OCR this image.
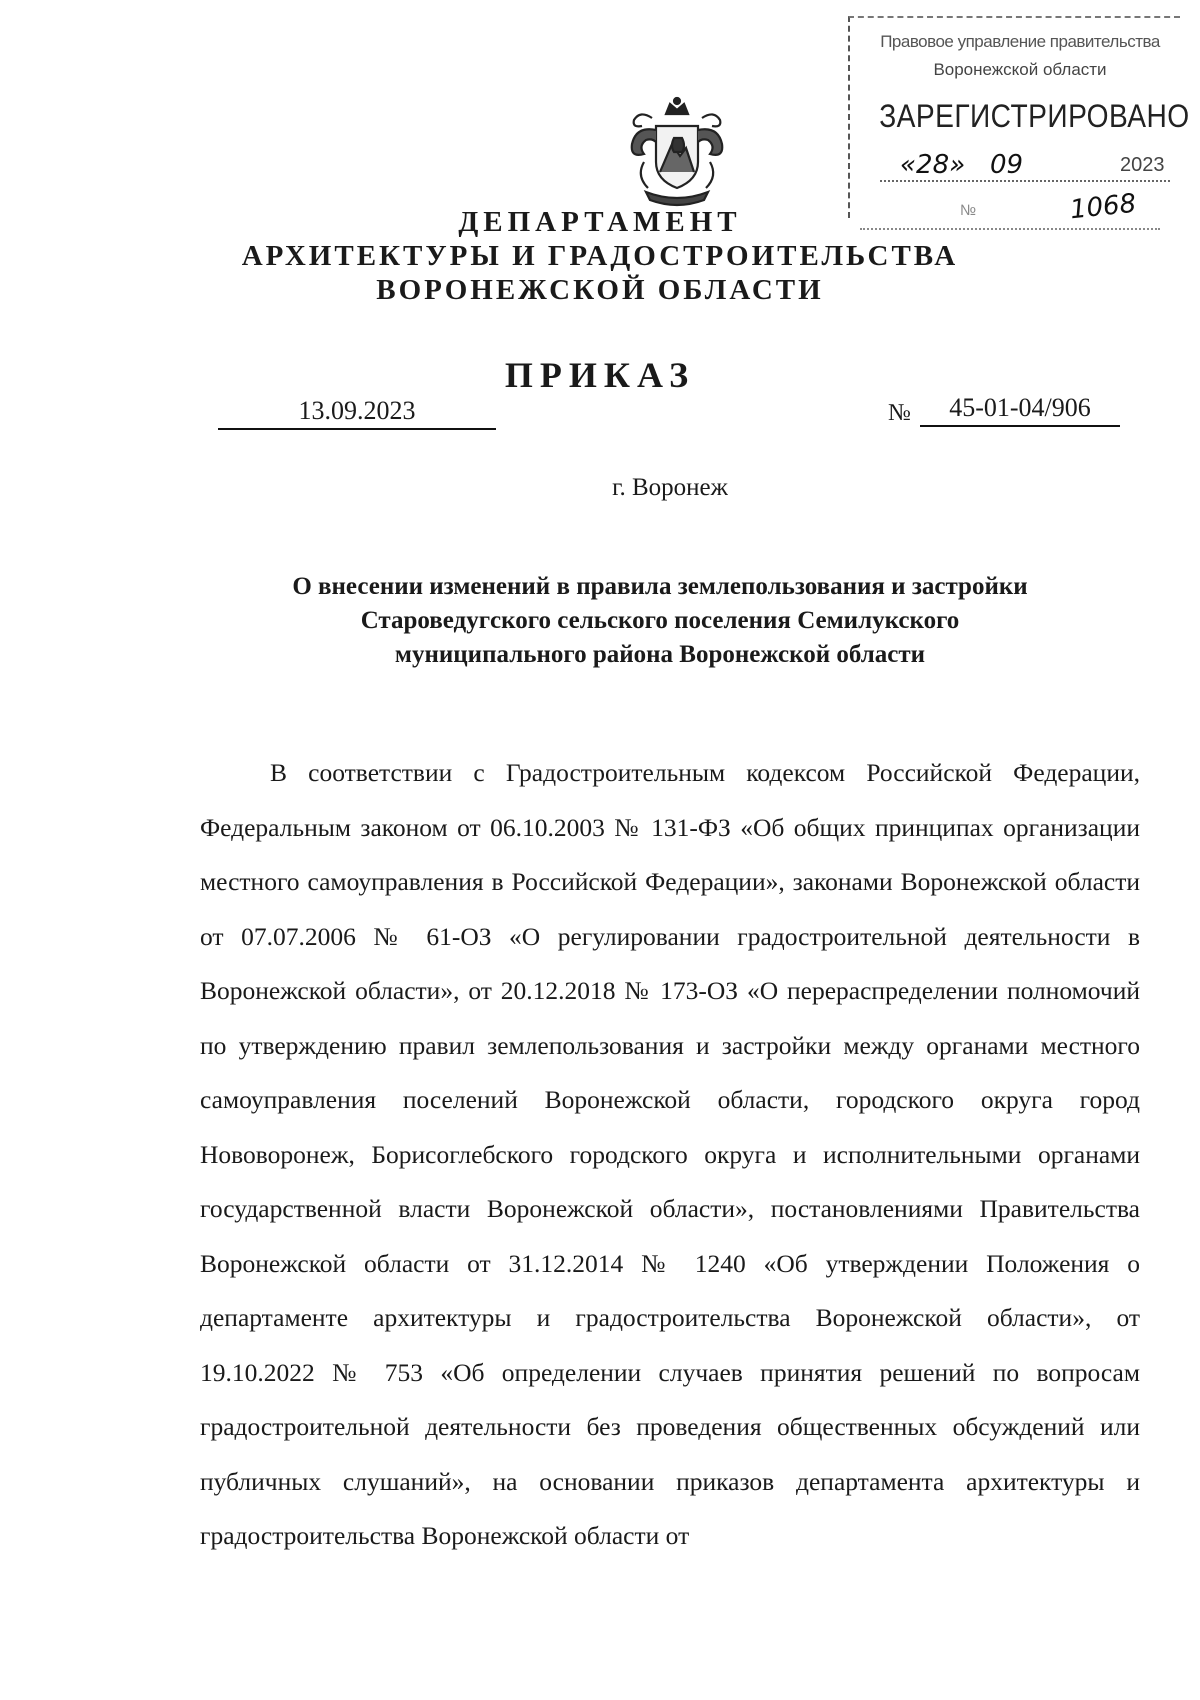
Правовое управление правительства
Воронежской области
ЗАРЕГИСТРИРОВАНО
«28» 09	2023
№	1068
ДЕПАРТАМЕНТ
АРХИТЕКТУРЫ И ГРАДОСТРОИТЕЛЬСТВА
ВОРОНЕЖСКОЙ ОБЛАСТИ
ПРИКАЗ
13.09.2023	№	45-01-04/906
г. Воронеж
О внесении изменений в правила землепользования и застройки
Староведугского сельского поселения Семилукского
муниципального района Воронежской области
В соответствии с Градостроительным кодексом Российской Федерации, Федеральным законом от 06.10.2003 № 131-ФЗ «Об общих принципах организации местного самоуправления в Российской Федерации», законами Воронежской области от 07.07.2006 № 61-ОЗ «О регулировании градостроительной деятельности в Воронежской области», от 20.12.2018 № 173-ОЗ «О перераспределении полномочий по утверждению правил землепользования и застройки между органами местного самоуправления поселений Воронежской области, городского округа город Нововоронеж, Борисоглебского городского округа и исполнительными органами государственной власти Воронежской области», постановлениями Правительства Воронежской области от 31.12.2014 № 1240 «Об утверждении Положения о департаменте архитектуры и градостроительства Воронежской области», от 19.10.2022 № 753 «Об определении случаев принятия решений по вопросам градостроительной деятельности без проведения общественных обсуждений или публичных слушаний», на основании приказов департамента архитектуры и градостроительства Воронежской области от
